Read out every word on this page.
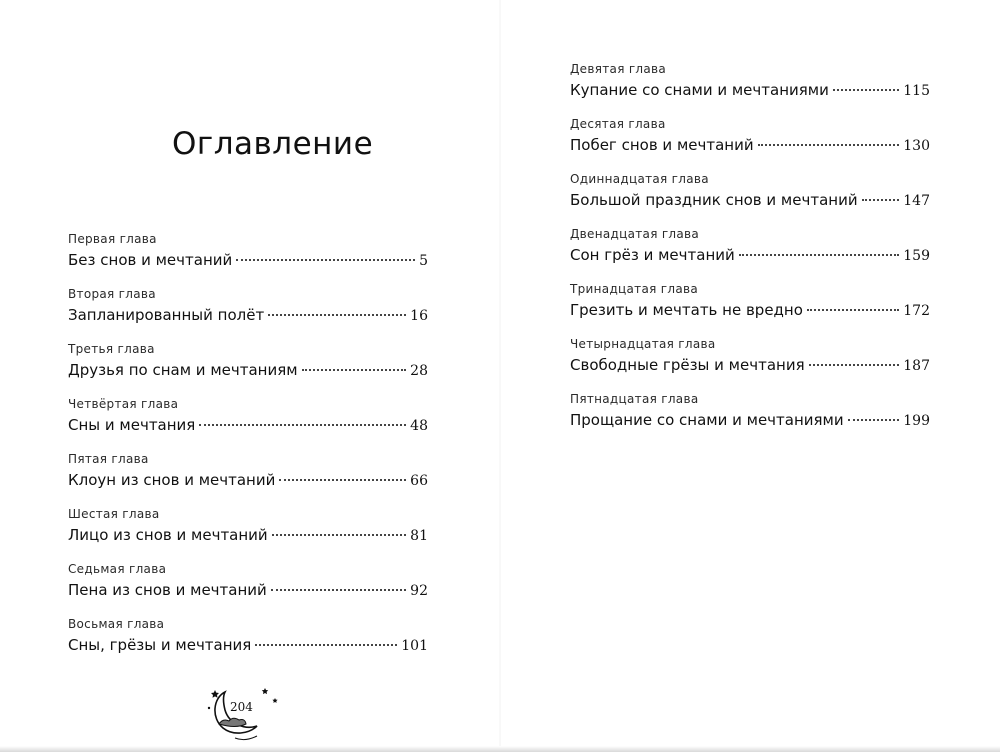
Оглавление
Первая глава
Без снов и мечтаний	5
Вторая глава
Запланированный полёт	16
Третья глава
Друзья по снам и мечтаниям	28
Четвёртая глава
Сны и мечтания	48
Пятая глава
Клоун из снов и мечтаний	66
Шестая глава
Лицо из снов и мечтаний	81
Седьмая глава
Пена из снов и мечтаний	92
Восьмая глава
Сны, грёзы и мечтания	101
Девятая глава
Купание со снами и мечтаниями	115
Десятая глава
Побег снов и мечтаний	130
Одиннадцатая глава
Большой праздник снов и мечтаний	147
Двенадцатая глава
Сон грёз и мечтаний	159
Тринадцатая глава
Грезить и мечтать не вредно	172
Четырнадцатая глава
Свободные грёзы и мечтания	187
Пятнадцатая глава
Прощание со снами и мечтаниями	199
204
